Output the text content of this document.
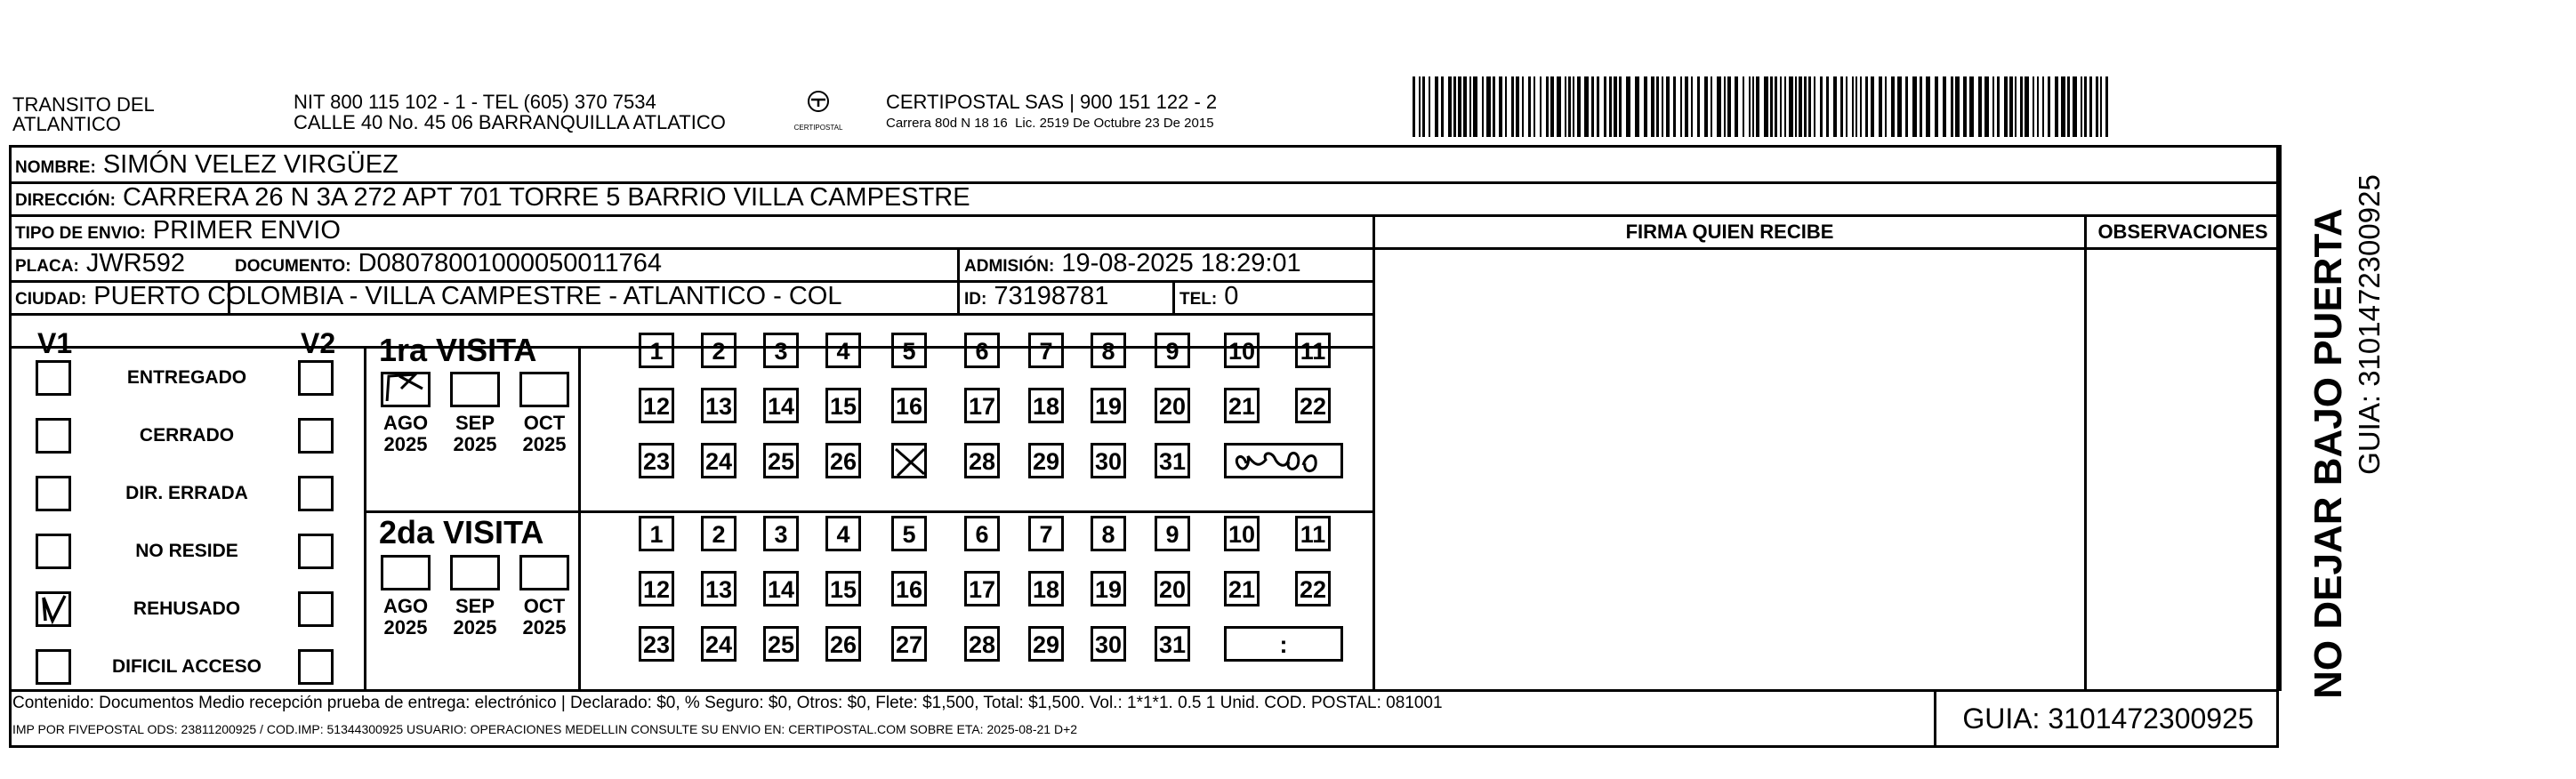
TRANSITO DEL
ATLANTICO
NIT 800 115 102 - 1 - TEL (605) 370 7534
CALLE 40 No. 45 06 BARRANQUILLA ATLATICO	CERTIPOSTAL
CERTIPOSTAL SAS | 900 151 122 - 2
Carrera 80d N 18 16  Lic. 2519 De Octubre 23 De 2015
NOMBRE: SIMÓN VELEZ VIRGÜEZ
DIRECCIÓN: CARRERA 26 N 3A 272 APT 701 TORRE 5 BARRIO VILLA CAMPESTRE
TIPO DE ENVIO: PRIMER ENVIO
PLACA: JWR592	DOCUMENTO: D08078001000050011764	ADMISIÓN: 19-08-2025 18:29:01
CIUDAD: PUERTO COLOMBIA - VILLA CAMPESTRE - ATLANTICO - COL	ID: 73198781	TEL: 0
FIRMA QUIEN RECIBE	OBSERVACIONES
V1	V2
ENTREGADO
CERRADO
DIR. ERRADA
NO RESIDE
REHUSADO
DIFICIL ACCESO
1ra VISITA
2da VISITA
AGO
2025
SEP
2025
OCT
2025
1	2	3	4	5	6	7	8	9	10 11
12 13 14 15 16 17 18 19 20 21 22
23 24 25 26	28 29 30 31
AGO
2025
SEP
2025
OCT
2025
1	2	3	4	5	6	7	8	9	10 11
12 13 14 15 16 17 18 19 20 21 22
23 24 25 26 27 28 29 30 31	:
Contenido: Documentos Medio recepción prueba de entrega: electrónico | Declarado: $0, % Seguro: $0, Otros: $0, Flete: $1,500, Total: $1,500. Vol.: 1*1*1. 0.5 1 Unid. COD. POSTAL: 081001
IMP POR FIVEPOSTAL ODS: 23811200925 / COD.IMP: 51344300925 USUARIO: OPERACIONES MEDELLIN CONSULTE SU ENVIO EN: CERTIPOSTAL.COM SOBRE ETA: 2025-08-21 D+2	GUIA: 3101472300925
NO DEJAR BAJO PUERTA GUIA: 3101472300925
